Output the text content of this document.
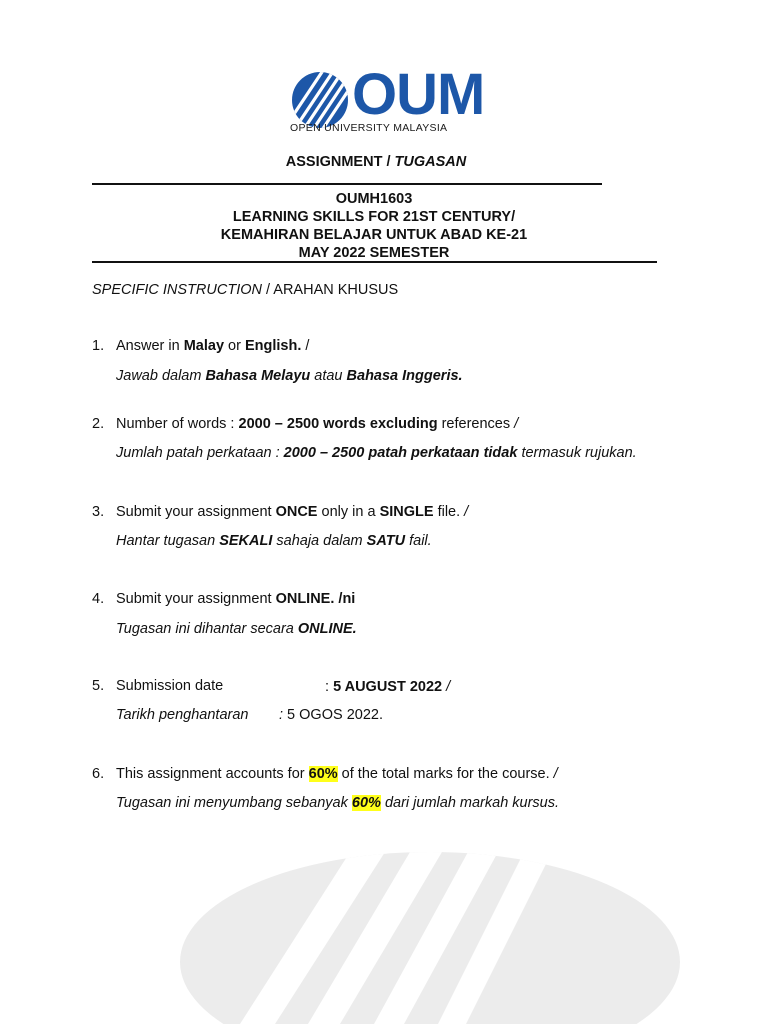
OUM
OPEN UNIVERSITY MALAYSIA
ASSIGNMENT / TUGASAN
OUMH1603
LEARNING SKILLS FOR 21ST CENTURY/
KEMAHIRAN BELAJAR UNTUK ABAD KE-21
MAY 2022 SEMESTER
SPECIFIC INSTRUCTION / ARAHAN KHUSUS
1. Answer in Malay or English. /
Jawab dalam Bahasa Melayu atau Bahasa Inggeris.
2. Number of words : 2000 – 2500 words excluding references /
Jumlah patah perkataan : 2000 – 2500 patah perkataan tidak termasuk rujukan.
3. Submit your assignment ONCE only in a SINGLE file. /
Hantar tugasan SEKALI sahaja dalam SATU fail.
4. Submit your assignment ONLINE. /ni
Tugasan ini dihantar secara ONLINE.
5. Submission date	: 5 AUGUST 2022 /
Tarikh penghantaran : 5 OGOS 2022.
6. This assignment accounts for 60% of the total marks for the course. /
Tugasan ini menyumbang sebanyak 60% dari jumlah markah kursus.
